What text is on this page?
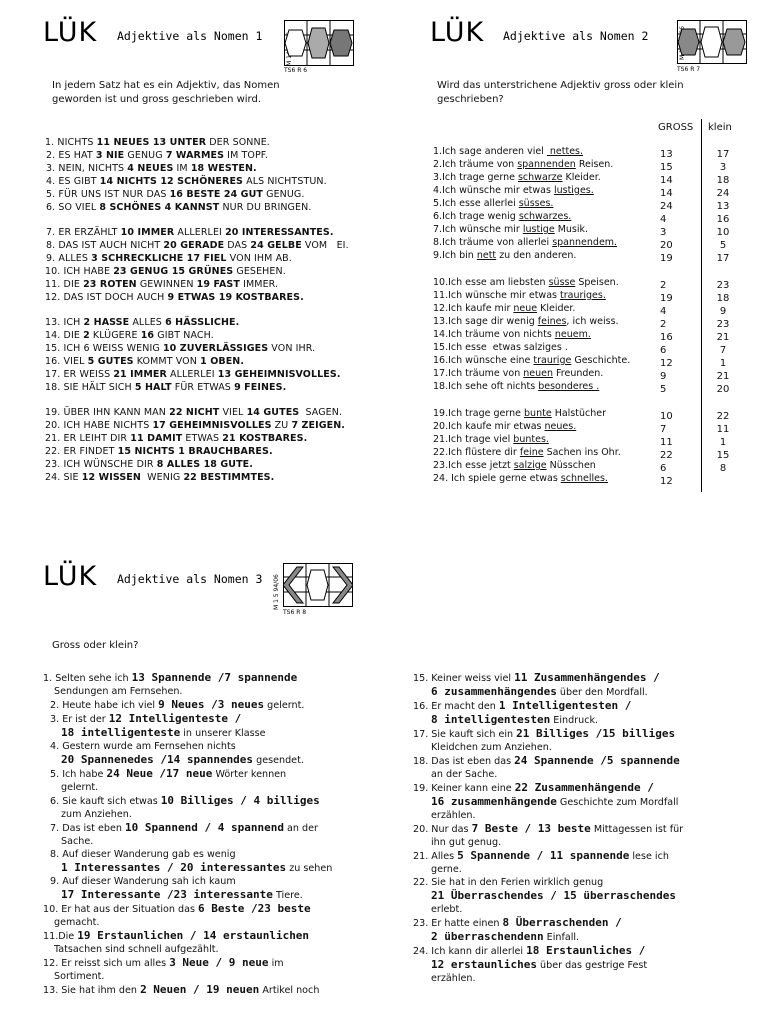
LÜK Adjektive als Nomen 1
TS6 R 6
In jedem Satz hat es ein Adjektiv, das Nomen geworden ist und gross geschrieben wird.
1. NICHTS 11 NEUES 13 UNTER DER SONNE.
2. ES HAT 3 NIE GENUG 7 WARMES IM TOPF.
3. NEIN, NICHTS 4 NEUES IM 18 WESTEN.
4. ES GIBT 14 NICHTS 12 SCHÖNERES ALS NICHTSTUN.
5. FÜR UNS IST NUR DAS 16 BESTE 24 GUT GENUG.
6. SO VIEL 8 SCHÖNES 4 KANNST NUR DU BRINGEN.
7. ER ERZÄHLT 10 IMMER ALLERLEI 20 INTERESSANTES.
8. DAS IST AUCH NICHT 20 GERADE DAS 24 GELBE VOM   EI.
9. ALLES 3 SCHRECKLICHE 17 FIEL VON IHM AB.
10. ICH HABE 23 GENUG 15 GRÜNES GESEHEN.
11. DIE 23 ROTEN GEWINNEN 19 FAST IMMER.
12. DAS IST DOCH AUCH 9 ETWAS 19 KOSTBARES.
13. ICH 2 HASSE ALLES 6 HÄSSLICHE.
14. DIE 2 KLÜGERE 16 GIBT NACH.
15. ICH 6 WEISS WENIG 10 ZUVERLÄSSIGES VON IHR.
16. VIEL 5 GUTES KOMMT VON 1 OBEN.
17. ER WEISS 21 IMMER ALLERLEI 13 GEHEIMNISVOLLES.
18. SIE HÄLT SICH 5 HALT FÜR ETWAS 9 FEINES.
19. ÜBER IHN KANN MAN 22 NICHT VIEL 14 GUTES  SAGEN.
20. ICH HABE NICHTS 17 GEHEIMNISVOLLES ZU 7 ZEIGEN.
21. ER LEIHT DIR 11 DAMIT ETWAS 21 KOSTBARES.
22. ER FINDET 15 NICHTS 1 BRAUCHBARES.
23. ICH WÜNSCHE DIR 8 ALLES 18 GUTE.
24. SIE 12 WISSEN  WENIG 22 BESTIMMTES.
LÜK Adjektive als Nomen 2
TS6 R 7
Wird das unterstrichene Adjektiv gross oder klein geschrieben?
GROSS klein
1.Ich sage anderen viel  nettes.
2.Ich träume von spannenden Reisen.
3.Ich trage gerne schwarze Kleider.
4.Ich wünsche mir etwas lustiges.
5.Ich esse allerlei süsses.
6.Ich trage wenig schwarzes.
7.Ich wünsche mir lustige Musik.
8.Ich träume von allerlei spannendem.
9.Ich bin nett zu den anderen.
10.Ich esse am liebsten süsse Speisen.
11.Ich wünsche mir etwas trauriges.
12.Ich kaufe mir neue Kleider.
13.Ich sage dir wenig feines, ich weiss.
14.Ich träume von nichts neuem.
15.Ich esse  etwas salziges .
16.Ich wünsche eine traurige Geschichte.
17.Ich träume von neuen Freunden.
18.Ich sehe oft nichts besonderes .
19.Ich trage gerne bunte Halstücher
20.Ich kaufe mir etwas neues.
21.Ich trage viel buntes.
22.Ich flüstere dir feine Sachen ins Ohr.
23.Ich esse jetzt salzige Nüsschen
24. Ich spiele gerne etwas schnelles.
13
15
14
14
24
4
3
20
19
2
19
4
2
16
6
12
9
5
10
7
11
22
6
12
17
3
18
24
13
16
10
5
17
23
18
9
23
21
7
1
21
20
22
11
1
15
8
LÜK Adjektive als Nomen 3 M 1 5 94/06
TS6 R 8
Gross oder klein?
1. Selten sehe ich 13 Spannende /7 spannende
Sendungen am Fernsehen.
2. Heute habe ich viel 9 Neues /3 neues gelernt.
3. Er ist der 12 Intelligenteste /
18 intelligenteste in unserer Klasse
4. Gestern wurde am Fernsehen nichts
20 Spannenedes /14 spannendes gesendet.
5. Ich habe 24 Neue /17 neue Wörter kennen
gelernt.
6. Sie kauft sich etwas 10 Billiges / 4 billiges
zum Anziehen.
7. Das ist eben 10 Spannend / 4 spannend an der
Sache.
8. Auf dieser Wanderung gab es wenig
1 Interessantes / 20 interessantes zu sehen
9. Auf dieser Wanderung sah ich kaum
17 Interessante /23 interessante Tiere.
10. Er hat aus der Situation das 6 Beste /23 beste
gemacht.
11.Die 19 Erstaunlichen / 14 erstaunlichen
Tatsachen sind schnell aufgezählt.
12. Er reisst sich um alles 3 Neue / 9 neue im
Sortiment.
13. Sie hat ihm den 2 Neuen / 19 neuen Artikel noch
15. Keiner weiss viel 11 Zusammenhängendes /
6 zusammenhängendes über den Mordfall.
16. Er macht den 1 Intelligentesten /
8 intelligentesten Eindruck.
17. Sie kauft sich ein 21 Billiges /15 billiges
Kleidchen zum Anziehen.
18. Das ist eben das 24 Spannende /5 spannende
an der Sache.
19. Keiner kann eine 22 Zusammenhängende /
16 zusammenhängende Geschichte zum Mordfall
erzählen.
20. Nur das 7 Beste / 13 beste Mittagessen ist für
ihn gut genug.
21. Alles 5 Spannende / 11 spannende lese ich
gerne.
22. Sie hat in den Ferien wirklich genug
21 Überraschendes / 15 überraschendes
erlebt.
23. Er hatte einen 8 Überraschenden /
2 überraschendenn Einfall.
24. Ich kann dir allerlei 18 Erstaunliches /
12 erstaunliches über das gestrige Fest
erzählen.
